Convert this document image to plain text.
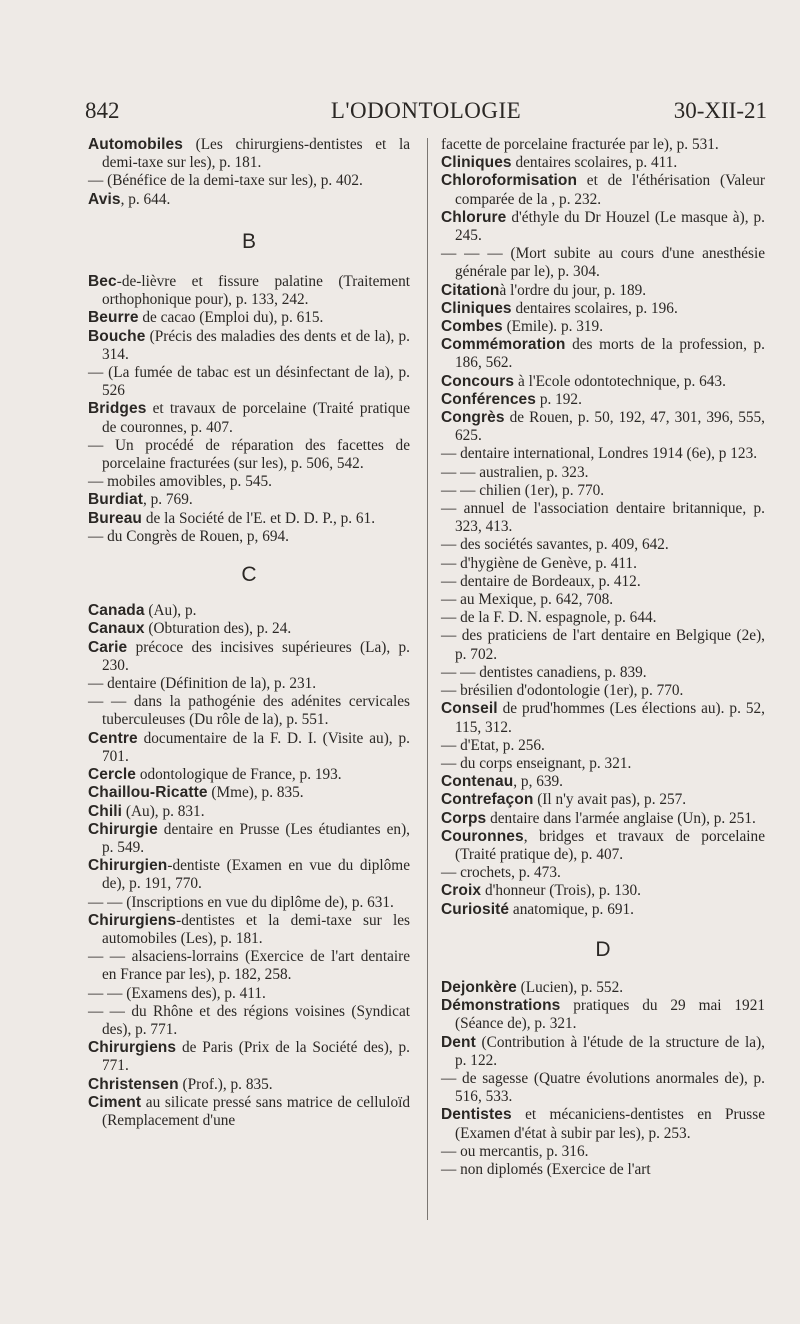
842	L'ODONTOLOGIE	30-XII-21

Automobiles (Les chirurgiens-dentistes et la demi-taxe sur les), p. 181.

— (Bénéfice de la demi-taxe sur les), p. 402.

Avis, p. 644.

B

Bec-de-lièvre et fissure palatine (Traitement orthophonique pour), p. 133, 242.

Beurre de cacao (Emploi du), p. 615.

Bouche (Précis des maladies des dents et de la), p. 314.

— (La fumée de tabac est un désinfectant de la), p. 526

Bridges et travaux de porcelaine (Traité pratique de couronnes, p. 407.

— Un procédé de réparation des facettes de porcelaine fracturées (sur les), p. 506, 542.

— mobiles amovibles, p. 545.

Burdiat, p. 769.

Bureau de la Société de l'E. et D. D. P., p. 61.

— du Congrès de Rouen, p, 694.

C

Canada (Au), p.

Canaux (Obturation des), p. 24.

Carie précoce des incisives supérieures (La), p. 230.

— dentaire (Définition de la), p. 231.

— — dans la pathogénie des adénites cervicales tuberculeuses (Du rôle de la), p. 551.

Centre documentaire de la F. D. I. (Visite au), p. 701.

Cercle odontologique de France, p. 193.

Chaillou-Ricatte (Mme), p. 835.

Chili (Au), p. 831.

Chirurgie dentaire en Prusse (Les étudiantes en), p. 549.

Chirurgien-dentiste (Examen en vue du diplôme de), p. 191, 770.

— — (Inscriptions en vue du diplôme de), p. 631.

Chirurgiens-dentistes et la demi-taxe sur les automobiles (Les), p. 181.

— — alsaciens-lorrains (Exercice de l'art dentaire en France par les), p. 182, 258.

— — (Examens des), p. 411.

— — du Rhône et des régions voisines (Syndicat des), p. 771.

Chirurgiens de Paris (Prix de la Société des), p. 771.

Christensen (Prof.), p. 835.

Ciment au silicate pressé sans matrice de celluloïd (Remplacement d'une

facette de porcelaine fracturée par le), p. 531.

Cliniques dentaires scolaires, p. 411.

Chloroformisation et de l'éthérisation (Valeur comparée de la , p. 232.

Chlorure d'éthyle du Dr Houzel (Le masque à), p. 245.

— — — (Mort subite au cours d'une anesthésie générale par le), p. 304.

Citationà l'ordre du jour, p. 189.

Cliniques dentaires scolaires, p. 196.

Combes (Emile). p. 319.

Commémoration des morts de la profession, p. 186, 562.

Concours à l'Ecole odontotechnique, p. 643.

Conférences p. 192.

Congrès de Rouen, p. 50, 192, 47, 301, 396, 555, 625.

— dentaire international, Londres 1914 (6e), p 123.

— — australien, p. 323.

— — chilien (1er), p. 770.

— annuel de l'association dentaire britannique, p. 323, 413.

— des sociétés savantes, p. 409, 642.

— d'hygiène de Genève, p. 411.

— dentaire de Bordeaux, p. 412.

— au Mexique, p. 642, 708.

— de la F. D. N. espagnole, p. 644.

— des praticiens de l'art dentaire en Belgique (2e), p. 702.

— — dentistes canadiens, p. 839.

— brésilien d'odontologie (1er), p. 770.

Conseil de prud'hommes (Les élections au). p. 52, 115, 312.

— d'Etat, p. 256.

— du corps enseignant, p. 321.

Contenau, p, 639.

Contrefaçon (Il n'y avait pas), p. 257.

Corps dentaire dans l'armée anglaise (Un), p. 251.

Couronnes, bridges et travaux de porcelaine (Traité pratique de), p. 407.

— crochets, p. 473.

Croix d'honneur (Trois), p. 130.

Curiosité anatomique, p. 691.

D

Dejonkère (Lucien), p. 552.

Démonstrations pratiques du 29 mai 1921 (Séance de), p. 321.

Dent (Contribution à l'étude de la structure de la), p. 122.

— de sagesse (Quatre évolutions anormales de), p. 516, 533.

Dentistes et mécaniciens-dentistes en Prusse (Examen d'état à subir par les), p. 253.

— ou mercantis, p. 316.

— non diplomés (Exercice de l'art
